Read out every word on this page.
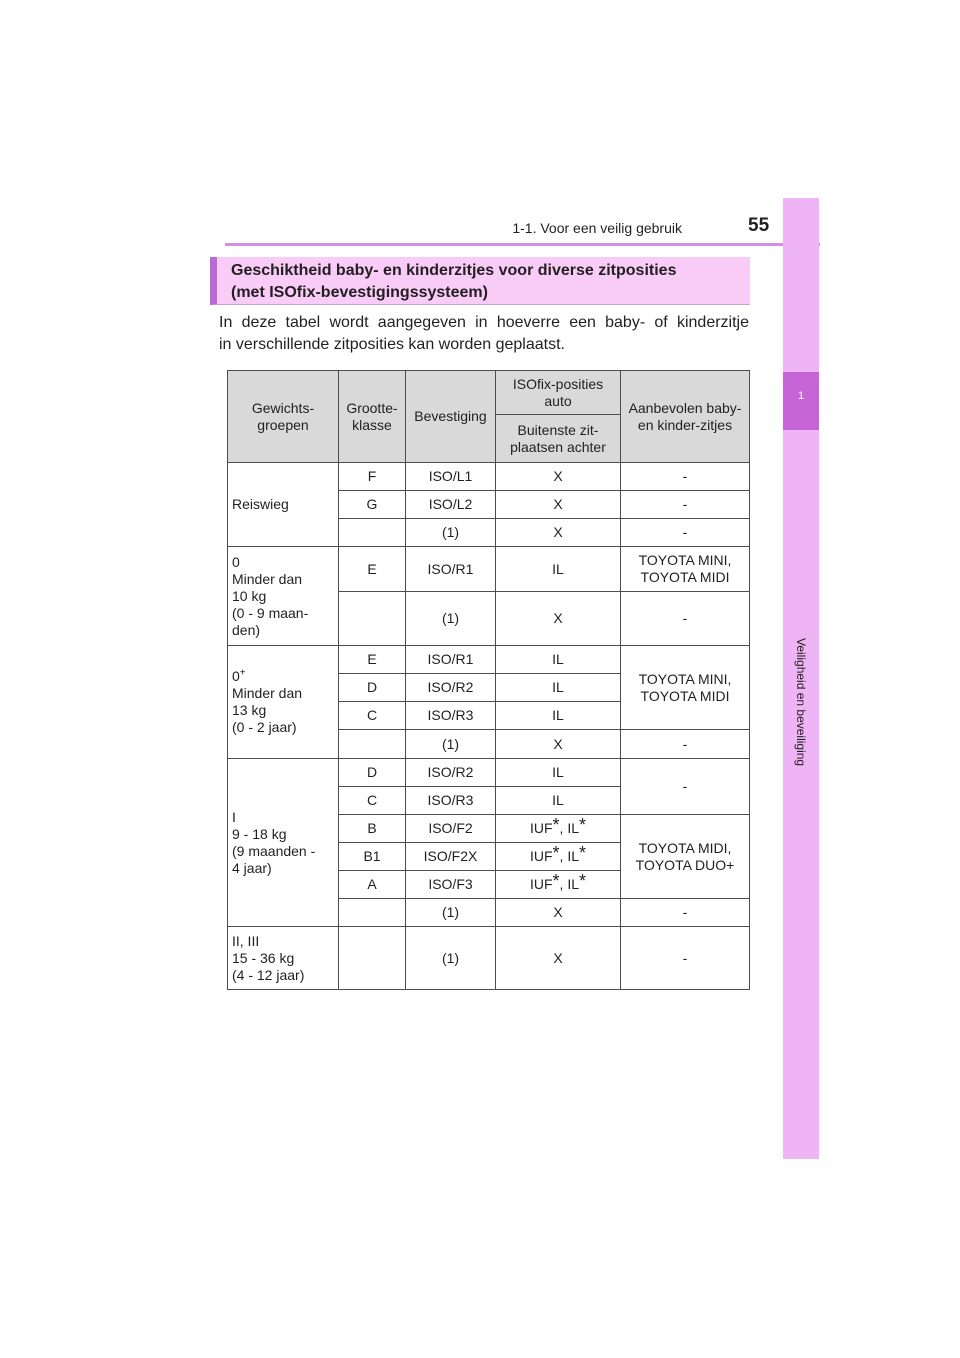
1-1. Voor een veilig gebruik	55
1
Veiligheid en beveiliging
Geschiktheid baby- en kinderzitjes voor diverse zitposities
(met ISOfix-bevestigingssysteem)
In deze tabel wordt aangegeven in hoeverre een baby- of kinderzitje
in verschillende zitposities kan worden geplaatst.
Gewichts-groepen	Grootte-klasse	Bevestiging	ISOfix-posities auto	Aanbevolen baby- en kinder-zitjes
			Buitenste zit-plaatsen achter	
Reiswieg	F	ISO/L1	X	-
	G	ISO/L2	X	-
		(1)	X	-
0
Minder dan
10 kg
(0 - 9 maan-
den)	E	ISO/R1	IL	TOYOTA MINI, TOYOTA MIDI
		(1)	X	-
0+
Minder dan
13 kg
(0 - 2 jaar)	E	ISO/R1	IL	TOYOTA MINI, TOYOTA MIDI
	D	ISO/R2	IL	
	C	ISO/R3	IL	
		(1)	X	-
I
9 - 18 kg
(9 maanden -
4 jaar)	D	ISO/R2	IL	-
	C	ISO/R3	IL	
	B	ISO/F2	IUF*, IL*	TOYOTA MIDI, TOYOTA DUO+
	B1	ISO/F2X	IUF*, IL*	
	A	ISO/F3	IUF*, IL*	
		(1)	X	-
II, III
15 - 36 kg
(4 - 12 jaar)		(1)	X	-
